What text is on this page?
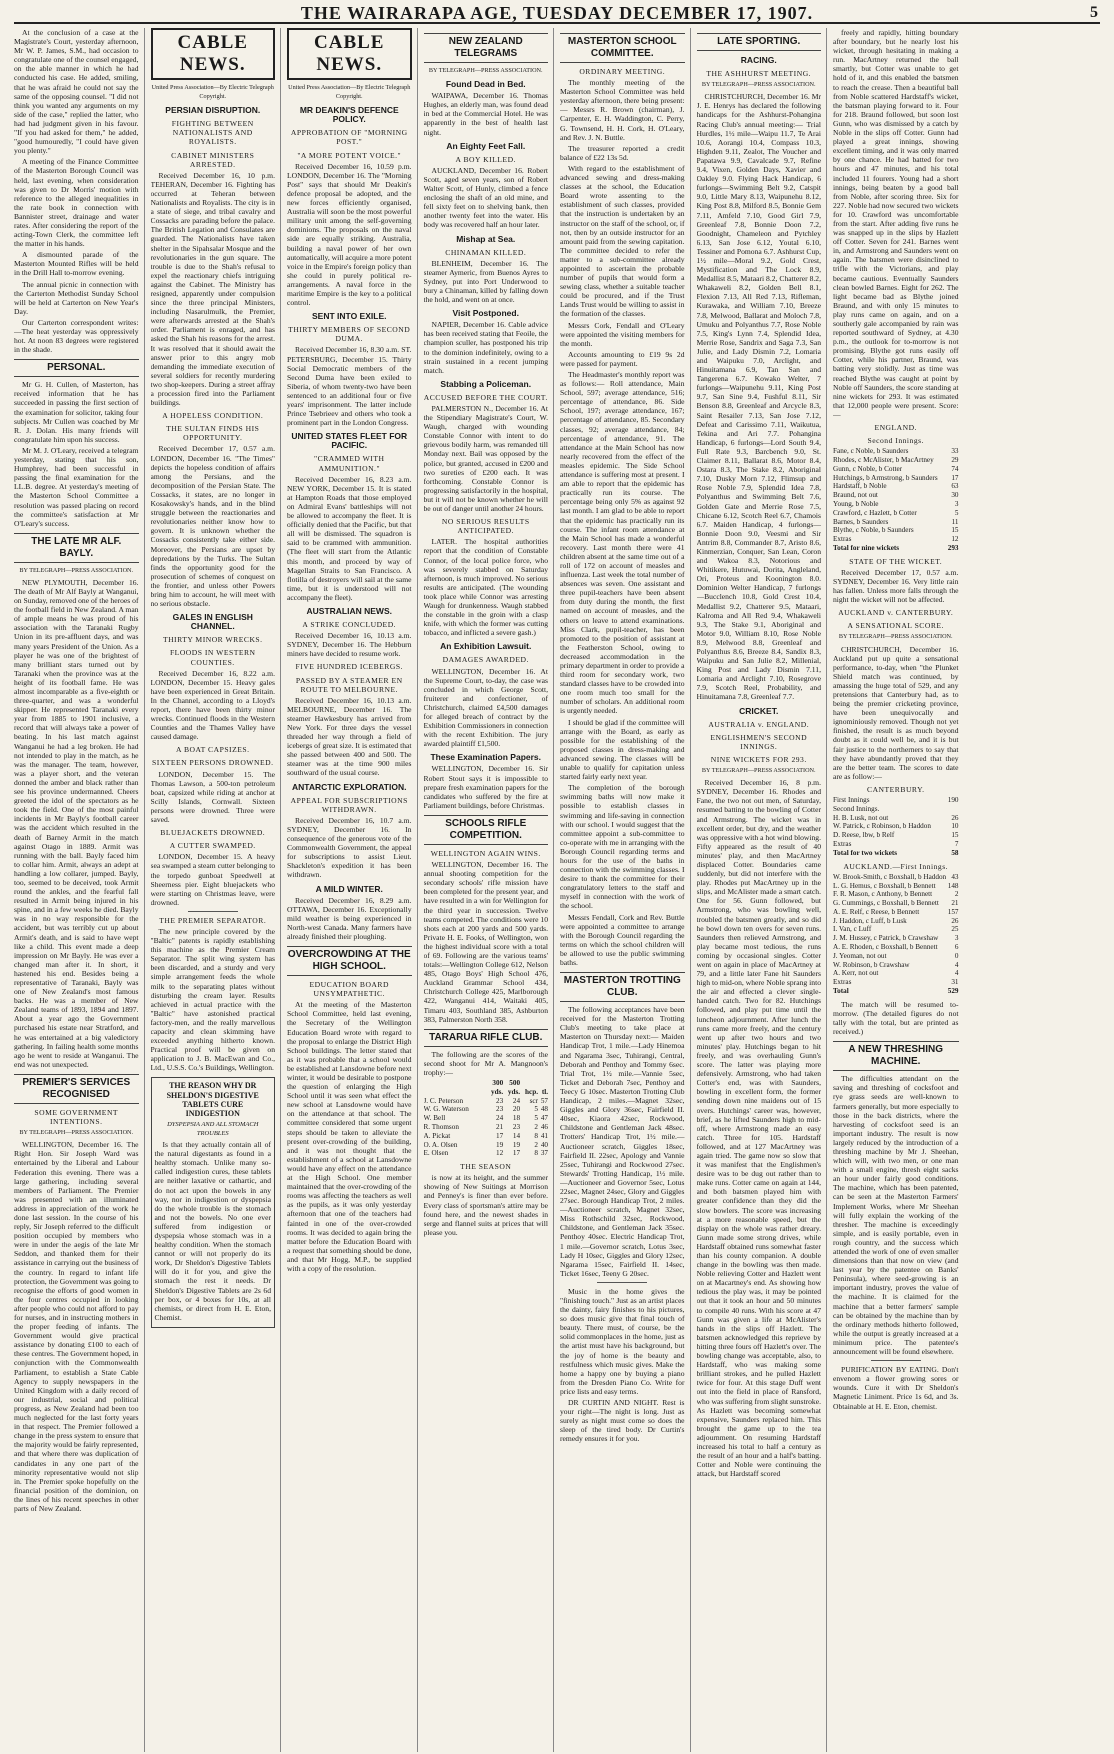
THE WAIRARAPA AGE, TUESDAY DECEMBER 17, 1907.	5

At the conclusion of a case at the Magistrate's Court, yesterday afternoon, Mr W. P. James, S.M., had occasion to congratulate one of the counsel engaged, on the able manner in which he had conducted his case. He added, smiling, that he was afraid he could not say the same of the opposing counsel. "I did not think you wanted any arguments on my side of the case," replied the latter, who had had judgment given in his favour. "If you had asked for them," he added, "good humouredly, "I could have given you plenty."

A meeting of the Finance Committee of the Masterton Borough Council was held, last evening, when consideration was given to Dr Morris' motion with reference to the alleged inequalities in the rate book in connection with Bannister street, drainage and water rates. After considering the report of the acting-Town Clerk, the committee left the matter in his hands.

A dismounted parade of the Masterton Mounted Rifles will be held in the Drill Hall to-morrow evening.

The annual picnic in connection with the Carterton Methodist Sunday School will be held at Carterton on New Year's Day.

Our Carterton correspondent writes:—The heat yesterday was oppressively hot. At noon 83 degrees were registered in the shade.

PERSONAL.

Mr G. H. Cullen, of Masterton, has received information that he has succeeded in passing the first section of the examination for solicitor, taking four subjects. Mr Cullen was coached by Mr R. J. Dolan. His many friends will congratulate him upon his success.

Mr M. J. O'Leary, received a telegram yesterday, stating that his son, Humphrey, had been successful in passing the final examination for the LL.B. degree. At yesterday's meeting of the Masterton School Committee a resolution was passed placing on record the committee's satisfaction at Mr O'Leary's success.

THE LATE MR ALF. BAYLY.
BY TELEGRAPH—PRESS ASSOCIATION.

NEW PLYMOUTH, December 16. The death of Mr Alf Bayly at Wanganui, on Sunday, removed one of the heroes of the football field in New Zealand. A man of ample means he was proud of his association with the Taranaki Rugby Union in its pre-affluent days, and was many years President of the Union. As a player he was one of the brightest of many brilliant stars turned out by Taranaki when the province was at the height of its football fame. He was almost incomparable as a five-eighth or three-quarter, and was a wonderful skipper. He represented Taranaki every year from 1885 to 1901 inclusive, a record that will always take a power of beating. In his last match against Wanganui he had a leg broken. He had not intended to play in the match, as he was the manager. The team, however, was a player short, and the veteran donned the amber and black rather than see his province undermanned. Cheers greeted the idol of the spectators as he took the field. One of the most painful incidents in Mr Bayly's football career was the accident which resulted in the death of Barney Armit in the match against Otago in 1889. Armit was running with the ball. Bayly faced him to collar him. Armit, always an adept at handling a low collarer, jumped. Bayly, too, seemed to be deceived, took Armit round the ankles, and the fearful fall resulted in Armit being injured in his spine, and in a few weeks he died. Bayly was in no way responsible for the accident, but was terribly cut up about Armit's death, and is said to have wept like a child. This event made a deep impression on Mr Bayly. He was ever a changed man after it. In short, it hastened his end. Besides being a representative of Taranaki, Bayly was one of New Zealand's most famous backs. He was a member of New Zealand teams of 1893, 1894 and 1897. About a year ago the Government purchased his estate near Stratford, and he was entertained at a big valedictory gathering. In failing health some months ago he went to reside at Wanganui. The end was not unexpected.

PREMIER'S SERVICES RECOGNISED
SOME GOVERNMENT INTENTIONS.
BY TELEGRAPH—PRESS ASSOCIATION.

WELLINGTON, December 16. The Right Hon. Sir Joseph Ward was entertained by the Liberal and Labour Federation this evening. There was a large gathering, including several members of Parliament. The Premier was presented with an illuminated address in appreciation of the work he done last session. In the course of his reply, Sir Joseph referred to the difficult position occupied by members who were in under the aegis of the late Mr Seddon, and thanked them for their assistance in carrying out the business of the country. In regard to infant life protection, the Government was going to recognise the efforts of good women in the four centres occupied in looking after people who could not afford to pay for nurses, and in instructing mothers in the proper feeding of infants. The Government would give practical assistance by donating £100 to each of these centres. The Government hoped, in conjunction with the Commonwealth Parliament, to establish a State Cable Agency to supply newspapers in the United Kingdom with a daily record of our industrial, social and political progress, as New Zealand had been too much neglected for the last forty years in that respect. The Premier followed a change in the press system to ensure that the majority would be fairly represented, and that where there was duplication of candidates in any one part of the minority representative would not slip in. The Premier spoke hopefully on the financial position of the dominion, on the lines of his recent speeches in other parts of New Zealand.

CABLE NEWS.
United Press Association—By Electric Telegraph Copyright.
PERSIAN DISRUPTION.
FIGHTING BETWEEN NATIONALISTS AND ROYALISTS.
CABINET MINISTERS ARRESTED.

Received December 16, 10 p.m. TEHERAN, December 16. Fighting has occurred at Teheran between Nationalists and Royalists. The city is in a state of siege, and tribal cavalry and Cossacks are parading before the palace. The British Legation and Consulates are guarded. The Nationalists have taken shelter in the Sipahsalar Mosque and the revolutionaries in the gun square. The trouble is due to the Shah's refusal to expel the reactionary chiefs intriguing against the Cabinet. The Ministry has resigned, apparently under compulsion since the three principal Ministers, including Nasarulmulk, the Premier, were afterwards arrested at the Shah's order. Parliament is enraged, and has asked the Shah his reasons for the arrest. It was resolved that it should await the answer prior to this angry mob demanding the immediate execution of several soldiers for recently murdering two shop-keepers. During a street affray a procession fired into the Parliament buildings.

A HOPELESS CONDITION.
THE SULTAN FINDS HIS OPPORTUNITY.

Received December 17, 0.57 a.m. LONDON, December 16. "The Times" depicts the hopeless condition of affairs among the Persians, and the decomposition of the Persian State. The Cossacks, it states, are no longer in Kosakowsky's hands, and in the blind struggle between the reactionaries and revolutionaries neither know how to govern. It is unknown whether the Cossacks consistently take either side. Moreover, the Persians are upset by depredations by the Turks. The Sultan finds the opportunity good for the prosecution of schemes of conquest on the frontier, and unless other Powers bring him to account, he will meet with no serious obstacle.

GALES IN ENGLISH CHANNEL.
THIRTY MINOR WRECKS.
FLOODS IN WESTERN COUNTIES.

Received December 16, 8.22 a.m. LONDON, December 15. Heavy gales have been experienced in Great Britain. In the Channel, according to a Lloyd's report, there have been thirty minor wrecks. Continued floods in the Western Counties and the Thames Valley have caused damage.

A BOAT CAPSIZES.
SIXTEEN PERSONS DROWNED.

LONDON, December 15. The Thomas Lawson, a 500-ton petroleum boat, capsized while riding at anchor at Scilly Islands, Cornwall. Sixteen persons were drowned. Three were saved.

BLUEJACKETS DROWNED.
A CUTTER SWAMPED.

LONDON, December 15. A heavy sea swamped a steam cutter belonging to the torpedo gunboat Speedwell at Sheerness pier. Eight bluejackets who were starting on Christmas leave, were drowned.

THE PREMIER SEPARATOR.

The new principle covered by the "Baltic" patents is rapidly establishing this machine as the Premier Cream Separator. The split wing system has been discarded, and a sturdy and very simple arrangement feeds the whole milk to the separating plates without disturbing the cream layer. Results achieved in actual practice with the "Baltic" have astonished practical factory-men, and the really marvellous capacity and clean skimming have exceeded anything hitherto known. Practical proof will be given on application to J. B. MacEwan and Co., Ltd., U.S.S. Co.'s Buildings, Wellington.

THE REASON WHY DR SHELDON'S DIGESTIVE TABLETS CURE INDIGESTION
DYSPEPSIA AND ALL STOMACH TROUBLES

Is that they actually contain all of the natural digestants as found in a healthy stomach. Unlike many so-called indigestion cures, these tablets are neither laxative or cathartic, and do not act upon the bowels in any way, nor in indigestion or dyspepsia do the whole trouble is the stomach and not the bowels. No one ever suffered from indigestion or dyspepsia whose stomach was in a healthy condition. When the stomach cannot or will not properly do its work, Dr Sheldon's Digestive Tablets will do it for you, and give the stomach the rest it needs. Dr Sheldon's Digestive Tablets are 2s 6d per box, or 4 boxes for 10s, at all chemists, or direct from H. E. Eton, Chemist.

CABLE NEWS.
United Press Association—By Electric Telegraph Copyright.
MR DEAKIN'S DEFENCE POLICY.
APPROBATION OF "MORNING POST."
"A MORE POTENT VOICE."

Received December 16, 10.59 p.m. LONDON, December 16. The "Morning Post" says that should Mr Deakin's defence proposal be adopted, and the new forces efficiently organised, Australia will soon be the most powerful military unit among the self-governing dominions. The proposals on the naval side are equally striking. Australia, building a naval power of her own automatically, will acquire a more potent voice in the Empire's foreign policy than she could in purely political re-arrangements. A naval force in the maritime Empire is the key to a political control.

SENT INTO EXILE.
THIRTY MEMBERS OF SECOND DUMA.

Received December 16, 8.30 a.m. ST. PETERSBURG, December 15. Thirty Social Democratic members of the Second Duma have been exiled to Siberia, of whom twenty-two have been sentenced to an additional four or five years' imprisonment. The latter include Prince Tsebrieev and others who took a prominent part in the London Congress.

UNITED STATES FLEET FOR PACIFIC.
"CRAMMED WITH AMMUNITION."

Received December 16, 8.23 a.m. NEW YORK, December 15. It is stated at Hampton Roads that those employed on Admiral Evans' battleships will not be allowed to accompany the fleet. It is officially denied that the Pacific, but that all will be dismissed. The squadron is said to be crammed with ammunition. (The fleet will start from the Atlantic this month, and proceed by way of Magellan Straits to San Francisco. A flotilla of destroyers will sail at the same time, but it is understood will not accompany the fleet).

AUSTRALIAN NEWS.
A STRIKE CONCLUDED.

Received December 16, 10.13 a.m. SYDNEY, December 16. The Hebburn miners have decided to resume work.

FIVE HUNDRED ICEBERGS.
PASSED BY A STEAMER EN ROUTE TO MELBOURNE.

Received December 16, 10.13 a.m. MELBOURNE, December 16. The steamer Hawkesbury has arrived from New York. For three days the vessel threaded her way through a field of icebergs of great size. It is estimated that she passed between 400 and 500. The steamer was at the time 900 miles southward of the usual course.

ANTARCTIC EXPLORATION.
APPEAL FOR SUBSCRIPTIONS WITHDRAWN.

Received December 16, 10.7 a.m. SYDNEY, December 16. In consequence of the generous vote of the Commonwealth Government, the appeal for subscriptions to assist Lieut. Shackleton's expedition it has been withdrawn.

A MILD WINTER.

Received December 16, 8.29 a.m. OTTAWA, December 16. Exceptionally mild weather is being experienced in North-west Canada. Many farmers have already finished their ploughing.

OVERCROWDING AT THE HIGH SCHOOL.
EDUCATION BOARD UNSYMPATHETIC.

At the meeting of the Masterton School Committee, held last evening, the Secretary of the Wellington Education Board wrote with regard to the proposal to enlarge the District High School buildings. The letter stated that as it was probable that a school would be established at Lansdowne before next winter, it would be desirable to postpone the question of enlarging the High School until it was seen what effect the new school at Lansdowne would have on the attendance at that school. The committee considered that some urgent steps should be taken to alleviate the present over-crowding of the building, and it was not thought that the establishment of a school at Lansdowne would have any effect on the attendance at the High School. One member maintained that the over-crowding of the rooms was affecting the teachers as well as the pupils, as it was only yesterday afternoon that one of the teachers had fainted in one of the over-crowded rooms. It was decided to again bring the matter before the Education Board with a request that something should be done, and that Mr Hogg, M.P., be supplied with a copy of the resolution.

NEW ZEALAND TELEGRAMS
BY TELEGRAPH—PRESS ASSOCIATION.
Found Dead in Bed.

WAIPAWA, December 16. Thomas Hughes, an elderly man, was found dead in bed at the Commercial Hotel. He was apparently in the best of health last night.

An Eighty Feet Fall.
A BOY KILLED.

AUCKLAND, December 16. Robert Scott, aged seven years, son of Robert Walter Scott, of Hunly, climbed a fence enclosing the shaft of an old mine, and fell sixty feet on to shelving bank, then another twenty feet into the water. His body was recovered half an hour later.

Mishap at Sea.
CHINAMAN KILLED.

BLENHEIM, December 16. The steamer Aymeric, from Buenos Ayres to Sydney, put into Port Underwood to bury a Chinaman, killed by falling down the hold, and went on at once.

Visit Postponed.

NAPIER, December 16. Cable advice has been received stating that Feoile, the champion sculler, has postponed his trip to the dominion indefinitely, owing to a strain sustained in a recent jumping match.

Stabbing a Policeman.
ACCUSED BEFORE THE COURT.

PALMERSTON N., December 16. At the Stipendiary Magistrate's Court, W. Waugh, charged with wounding Constable Connor with intent to do grievous bodily harm, was remanded till Monday next. Bail was opposed by the police, but granted, accused in £200 and two sureties of £200 each. It was forthcoming. Constable Connor is progressing satisfactorily in the hospital, but it will not be known whether he will be out of danger until another 24 hours.

NO SERIOUS RESULTS ANTICIPATED.

LATER. The hospital authorities report that the condition of Constable Connor, of the local police force, who was severely stabbed on Saturday afternoon, is much improved. No serious results are anticipated. (The wounding took place while Connor was arresting Waugh for drunkenness. Waugh stabbed the constable in the groin with a clasp knife, with which the former was cutting tobacco, and inflicted a severe gash.)

An Exhibition Lawsuit.
DAMAGES AWARDED.

WELLINGTON, December 16. At the Supreme Court, to-day, the case was concluded in which George Scott, fruiterer and confectioner, of Christchurch, claimed £4,500 damages for alleged breach of contract by the Exhibition Commissioners in connection with the recent Exhibition. The jury awarded plaintiff £1,500.

These Examination Papers.

WELLINGTON, December 16. Sir Robert Stout says it is impossible to prepare fresh examination papers for the candidates who suffered by the fire at Parliament buildings, before Christmas.

SCHOOLS RIFLE COMPETITION.
WELLINGTON AGAIN WINS.

WELLINGTON, December 16. The annual shooting competition for the secondary schools' rifle mission have been completed for the present year, and have resulted in a win for Wellington for the third year in succession. Twelve teams competed. The conditions were 10 shots each at 200 yards and 500 yards. Private H. E. Fooks, of Wellington, won the highest individual score with a total of 69. Following are the various teams' totals:—Wellington College 612, Nelson 485, Otago Boys' High School 476, Auckland Grammar School 434, Christchurch College 425, Marlborough 422, Wanganui 414, Waitaki 405, Timaru 403, Southland 385, Ashburton 383, Palmerston North 358.

TARARUA RIFLE CLUB.

The following are the scores of the second shoot for Mr A. Mangnoon's trophy:—

	300	500		
	yds.	yds.	hcp.	tl.
J. C. Peterson	23	24	scr	57
W. G. Waterson	23	20	5	48
W. Bell	24	18	5	47
R. Thomson	21	23	2	46
A. Pickat	17	14	8	41
O. A. Olsen	19	19	2	40
E. Olsen	12	17	8	37
THE SEASON

is now at its height, and the summer showing of New Suitings at Morrison and Penney's is finer than ever before. Every class of sportsman's attire may be found here, and the newest shades in serge and flannel suits at prices that will please you.

MASTERTON SCHOOL COMMITTEE.
ORDINARY MEETING.

The monthly meeting of the Masterton School Committee was held yesterday afternoon, there being present:— Messrs R. Brown (chairman), J. Carpenter, E. H. Waddington, C. Perry, G. Townsend, H. H. Cork, H. O'Leary, and Rev. J. N. Buttle.

The treasurer reported a credit balance of £22 13s 5d.

With regard to the establishment of advanced sewing and dress-making classes at the school, the Education Board wrote assenting to the establishment of such classes, provided that the instruction is undertaken by an instructor on the staff of the school, or, if not, then by an outside instructor for an amount paid from the sewing capitation. The committee decided to refer the matter to a sub-committee already appointed to ascertain the probable number of pupils that would form a sewing class, whether a suitable teacher could be procured, and if the Trust Lands Trust would be willing to assist in the formation of the classes.

Messrs Cork, Fendall and O'Leary were appointed the visiting members for the month.

Accounts amounting to £19 9s 2d were passed for payment.

The Headmaster's monthly report was as follows:— Roll attendance, Main School, 597; average attendance, 516; percentage of attendance, 86. Side School, 197; average attendance, 167; percentage of attendance, 85. Secondary classes, 92; average attendance, 84; percentage of attendance, 91. The attendance at the Main School has now nearly recovered from the effect of the measles epidemic. The Side School attendance is suffering most at present. I am able to report that the epidemic has practically run its course. The percentage being only 5% as against 92 last month. I am glad to be able to report that the epidemic has practically run its course. The infant room attendance at the Main School has made a wonderful recovery. Last month there were 41 children absent at the same time out of a roll of 172 on account of measles and influenza. Last week the total number of absences was seven. One assistant and three pupil-teachers have been absent from duty during the month, the first named on account of measles, and the others on leave to attend examinations. Miss Clark, pupil-teacher, has been promoted to the position of assistant at the Featherston School, owing to decreased accommodation in the primary department in order to provide a third room for secondary work, two standard classes have to be crowded into one room much too small for the number of scholars. An additional room is urgently needed.

I should be glad if the committee will arrange with the Board, as early as possible for the establishing of the proposed classes in dress-making and advanced sewing. The classes will be unable to qualify for capitation unless started fairly early next year.

The completion of the borough swimming baths will now make it possible to establish classes in swimming and life-saving in connection with our school. I would suggest that the committee appoint a sub-committee to co-operate with me in arranging with the Borough Council regarding terms and hours for the use of the baths in connection with the swimming classes. I desire to thank the committee for their congratulatory letters to the staff and myself in connection with the work of the school.

Messrs Fendall, Cork and Rev. Buttle were appointed a committee to arrange with the Borough Council regarding the terms on which the school children will be allowed to use the public swimming baths.

MASTERTON TROTTING CLUB.

The following acceptances have been received for the Masterton Trotting Club's meeting to take place at Masterton on Thursday next:— Maiden Handicap Trot, 1 mile.—Lady Hinemoa and Ngarama 3sec, Tuhirangi, Central, Deborah and Penthoy and Tommy 6sec. Trial Trot, 1½ mile.—Vannie 5sec, Ticket and Deborah 7sec, Penthoy and Teecy G 10sec. Masterton Trotting Club Handicap, 2 miles.—Magnet 32sec, Giggles and Glory 36sec, Fairfield II. 40sec, Kiaora 42sec, Rockwood, Childstone and Gentleman Jack 48sec. Trotters' Handicap Trot, 1½ mile.—Auctioneer scratch, Giggles 18sec, Fairfield II. 22sec, Apology and Vannie 25sec, Tuhirangi and Rockwood 27sec. Stewards' Trotting Handicap, 1½ mile.—Auctioneer and Governor 5sec, Lotus 22sec, Magnet 24sec, Glory and Giggles 27sec. Borough Handicap Trot, 2 miles.—Auctioneer scratch, Magnet 32sec, Miss Rothschild 32sec, Rockwood, Childstone, and Gentleman Jack 35sec. Penthoy 40sec. Electric Handicap Trot, 1 mile.—Governor scratch, Lotus 3sec, Lady H 10sec, Giggles and Glory 12sec, Ngarama 15sec, Fairfield II. 14sec, Ticket 16sec, Teeny G 20sec.

Music in the home gives the "finishing touch." Just as an artist places the dainty, fairy finishes to his pictures, so does music give that final touch of beauty. There must, of course, be the solid commonplaces in the home, just as the artist must have his background, but the joy of home is the beauty and restfulness which music gives. Make the home a happy one by buying a piano from the Dresden Piano Co. Write for price lists and easy terms.

DR CURTIN AND NIGHT. Rest is your right—The night is long. Just as surely as night must come so does the sleep of the tired body. Dr Curtin's remedy ensures it for you.

LATE SPORTING.
RACING.
THE ASHHURST MEETING.
BY TELEGRAPH—PRESS ASSOCIATION.

CHRISTCHURCH, December 16. Mr J. E. Henrys has declared the following handicaps for the Ashhurst-Pohangina Racing Club's annual meeting:— Trial Hurdles, 1½ mile—Waipu 11.7, Te Arai 10.6, Aorangi 10.4, Compass 10.3, Highden 9.11, Zealot, The Voucher and Papatawa 9.9, Cavalcade 9.7, Refine 9.4, Vixen, Golden Days, Xavier and Oakley 9.0. Flying Hack Handicap, 6 furlongs—Swimming Belt 9.2, Catspit 9.0, Little Mary 8.13, Waipunehu 8.12, King Post 8.8, Milford 8.5, Bonnie Gem 7.11, Amfeld 7.10, Good Girl 7.9, Greenleaf 7.8, Bonnie Doon 7.2, Goodnight, Chameleon and Pytchley 6.13, San Jose 6.12, Youtal 6.10, Tessiner and Pomona 6.7. Ashhurst Cup, 1½ mile—Moral 9.2, Gold Crest, Mystification and The Lock 8.9, Medallist 8.5, Mataari 8.2, Chatterer 8.2, Whakaweli 8.2, Golden Bell 8.1, Flexion 7.13, All Red 7.13, Rifleman, Kurawaka, and William 7.10, Breeze 7.8, Melwood, Ballarat and Moloch 7.8, Umuku and Polyanthus 7.7, Rose Noble 7.5, King's Lynn 7.4, Splendid Idea, Merrie Rose, Sandrix and Saga 7.3, San Julie, and Lady Dismin 7.2, Lomaria and Waipuku 7.0, Arclight, and Hinuitamana 6.9, Tan San and Tangerena 6.7. Kowako Welter, 7 furlongs—Waipunehu 9.11, King Post 9.7, San Sine 9.4, Fushful 8.11, Sir Benson 8.8, Greenleaf and Arcycle 8.3, Saint Resailer 7.13, San Jose 7.12, Defeat and Carissimo 7.11, Waikutua, Tekina and Ari 7.7. Pohangina Handicap, 6 furlongs—Lord South 9.4, Full Rate 9.3, Barcbench 9.0, St. Claimer 8.11, Ballarat 8.6, Motor 8.4, Ostara 8.3, The Stake 8.2, Aboriginal 7.10, Dusky Morn 7.12, Flimsup and Rose Noble 7.9, Splendid Idea 7.8, Polyanthus and Swimming Belt 7.6, Golden Gate and Merrie Rose 7.5, Chicane 6.12, Scotch Reel 6.7, Chamois 6.7. Maiden Handicap, 4 furlongs—Bonnie Doon 9.0, Veesmi and Sir Antrim 8.8, Commander 8.7, Aristo 8.6, Kinmerzian, Conquer, San Lean, Coron and Wakoa 8.3, Notorious and Whitikere, Hutuwai, Dorita, Angleland, Ori, Proteus and Koonington 8.0. Dominion Welter Handicap, 7 furlongs—Bucclench 10.8, Gold Crest 10.4, Medallist 9.2, Chatterer 9.5, Mataari, Kalroma and All Red 9.4, Whakaweli 9.3, The Stake 9.1, Aboriginal and Motor 9.0, William 8.10, Rose Noble 8.9, Melwood 8.8, Greenleaf and Polyanthus 8.6, Breeze 8.4, Sandix 8.3, Waipuku and San Julie 8.2, Millenial, King Post and Lady Dismin 7.11, Lomaria and Arclight 7.10, Rosegrove 7.9, Scotch Reel, Probability, and Hinuitamana 7.8, Greenleaf 7.7.

CRICKET.
AUSTRALIA v. ENGLAND.
ENGLISHMEN'S SECOND INNINGS.
NINE WICKETS FOR 293.
BY TELEGRAPH—PRESS ASSOCIATION.

Received December 16, 8 p.m. SYDNEY, December 16. Rhodes and Fane, the two not out men, of Saturday, resumed batting to the bowling of Cotter and Armstrong. The wicket was in excellent order, but dry, and the weather was oppressive with a hot wind blowing. Fifty appeared as the result of 40 minutes' play, and then MacArtney displaced Cotter. Boundaries came suddenly, but did not interfere with the play. Rhodes put MacArtney up in the slips, and McAlister made a smart catch. One for 56. Gunn followed, but Armstrong, who was bowling well, troubled the batsmen greatly, and so did he bowl down ten overs for seven runs. Saunders then relieved Armstrong, and play became most tedious, the runs coming by occasional singles. Cotter went on again in place of MacArtney at 79, and a little later Fane hit Saunders high to mid-on, where Noble sprang into the air and effected a clever single-handed catch. Two for 82. Hutchings followed, and play put time until the luncheon adjournment. After lunch the runs came more freely, and the century went up after two hours and two minutes' play. Hutchings began to hit freely, and was overhauling Gunn's score. The latter was playing more defensively. Armstrong, who had taken Cotter's end, was with Saunders, bowling in excellent form, the former sending down nine maidens out of 15 overs. Hutchings' career was, however, brief, as he lifted Saunders high to mid-off, where Armstrong made an easy catch. Three for 105. Hardstaff followed, and at 127 MacArtney was again tried. The game now so slow that it was manifest that the Englishmen's desire was to be dug out rather than to make runs. Cotter came on again at 144, and both batsmen played him with greater confidence than they did the slow bowlers. The score was increasing at a more reasonable speed, but the display on the whole was rather dreary. Gunn made some strong drives, while Hardstaff obtained runs somewhat faster than his county companion. A double change in the bowling was then made. Noble relieving Cotter and Hazlett went on at Macartney's end. As showing how tedious the play was, it may be pointed out that it took an hour and 50 minutes to compile 40 runs. With his score at 47 Gunn was given a life at McAlister's hands in the slips off Hazlett. The batsmen acknowledged this reprieve by hitting three fours off Hazlett's over. The bowling change was acceptable, also, to Hardstaff, who was making some brilliant strokes, and he pulled Hazlett twice for four. At this stage Duff went out into the field in place of Ransford, who was suffering from slight sunstroke. As Hazlett was becoming somewhat expensive, Saunders replaced him. This brought the game up to the tea adjournment. On resuming Hardstaff increased his total to half a century as the result of an hour and a half's batting. Cotter and Noble were continuing the attack, but Hardstaff scored

freely and rapidly, hitting boundary after boundary, but he nearly lost his wicket, through hesitating in making a run. MacArtney returned the ball smartly, but Cotter was unable to get hold of it, and this enabled the batsmen to reach the crease. Then a beautiful ball from Noble scattered Hardstaff's wicket, the batsman playing forward to it. Four for 218. Braund followed, but soon lost Gunn, who was dismissed by a catch by Noble in the slips off Cotter. Gunn had played a great innings, showing excellent timing, and it was only marred by one chance. He had batted for two hours and 47 minutes, and his total included 11 fourers. Young had a short innings, being beaten by a good ball from Noble, after scoring three. Six for 227. Noble had now secured two wickets for 10. Crawford was uncomfortable from the start. After adding five runs he was snapped up in the slips by Hazlett off Cotter. Seven for 241. Barnes went in, and Armstrong and Saunders went on again. The batsmen were disinclined to trifle with the Victorians, and play became cautious. Eventually Saunders clean bowled Barnes. Eight for 262. The light became bad as Blythe joined Braund, and with only 15 minutes to play runs came on again, and on a southerly gale accompanied by rain was reported southward of Sydney, at 4.30 p.m., the outlook for to-morrow is not promising. Blythe got runs easily off Cotter, while his partner, Braund, was batting very stolidly. Just as time was reached Blythe was caught at point by Noble off Saunders, the score standing at nine wickets for 293. It was estimated that 12,000 people were present. Score:—

ENGLAND.
Second Innings.
Fane, c Noble, b Saunders	33
Rhodes, c McAlister, b MacArtney	29
Gunn, c Noble, b Cotter	74
Hutchings, b Armstrong, b Saunders	17
Hardstaff, b Noble	63
Braund, not out	30
Young, b Noble	3
Crawford, c Hazlett, b Cotter	5
Barnes, b Saunders	11
Blythe, c Noble, b Saunders	15
Extras	12
Total for nine wickets	293
STATE OF THE WICKET.

Received December 17, 0.57 a.m. SYDNEY, December 16. Very little rain has fallen. Unless more falls through the night the wicket will not be affected.

AUCKLAND v. CANTERBURY.
A SENSATIONAL SCORE.
BY TELEGRAPH—PRESS ASSOCIATION.

CHRISTCHURCH, December 16. Auckland put up quite a sensational performance, to-day, when "the Plunket Shield match was continued, by amassing the huge total of 529, and any pretensions that Canterbury had, as to being the premier cricketing province, have been unequivocally and ignominiously removed. Though not yet finished, the result is as much beyond doubt as it could well be, and it is but fair justice to the northerners to say that they have abundantly proved that they are the better team. The scores to date are as follow:—

CANTERBURY.
First Innings	190
Second Innings.	
H. B. Lusk, not out	26
W. Patrick, c Robinson, b Haddon	10
D. Reese, lbw, b Relf	15
Extras	7
Total for two wickets	58
AUCKLAND.—First Innings.
W. Brook-Smith, c Boxshall, b Haddon	43
L. G. Hemus, c Boxshall, b Bennett	148
F. R. Mason, c Anthony, b Bennett	2
G. Cummings, c Boxshall, b Bennett	21
A. E. Relf, c Reese, b Bennett	157
J. Haddon, c Luff, b Lusk	26
I. Van, c Luff	25
J. M. Hussey, c Patrick, b Crawshaw	3
A. E. Rhoden, c Boxshall, b Bennett	6
J. Yeoman, not out	0
W. Robinson, b Crawshaw	4
A. Kerr, not out	4
Extras	31
Total	529

The match will be resumed to-morrow. (The detailed figures do not tally with the total, but are printed as received.)

A NEW THRESHING MACHINE.

The difficulties attendant on the saving and threshing of cocksfoot and rye grass seeds are well-known to farmers generally, but more especially to those in the back districts, where the harvesting of cocksfoot seed is an important industry. The result is now largely reduced by the introduction of a threshing machine by Mr J. Sheehan, which will, with two men, or one man with a small engine, thresh eight sacks an hour under fairly good conditions. The machine, which has been patented, can be seen at the Masterton Farmers' Implement Works, where Mr Sheehan will fully explain the working of the thresher. The machine is exceedingly simple, and is easily portable, even in rough country, and the success which attended the work of one of even smaller dimensions than that now on view (and last year by the patentee on Banks' Peninsula), where seed-growing is an important industry, proves the value of the machine. It is claimed for the machine that a better farmers' sample can be obtained by the machine than by the ordinary methods hitherto followed, while the output is greatly increased at a minimum price. The patentee's announcement will be found elsewhere.

PURIFICATION BY EATING. Don't envenom a flower growing sores or wounds. Cure it with Dr Sheldon's Magnetic Liniment. Price 1s 6d, and 3s. Obtainable at H. E. Eton, chemist.
